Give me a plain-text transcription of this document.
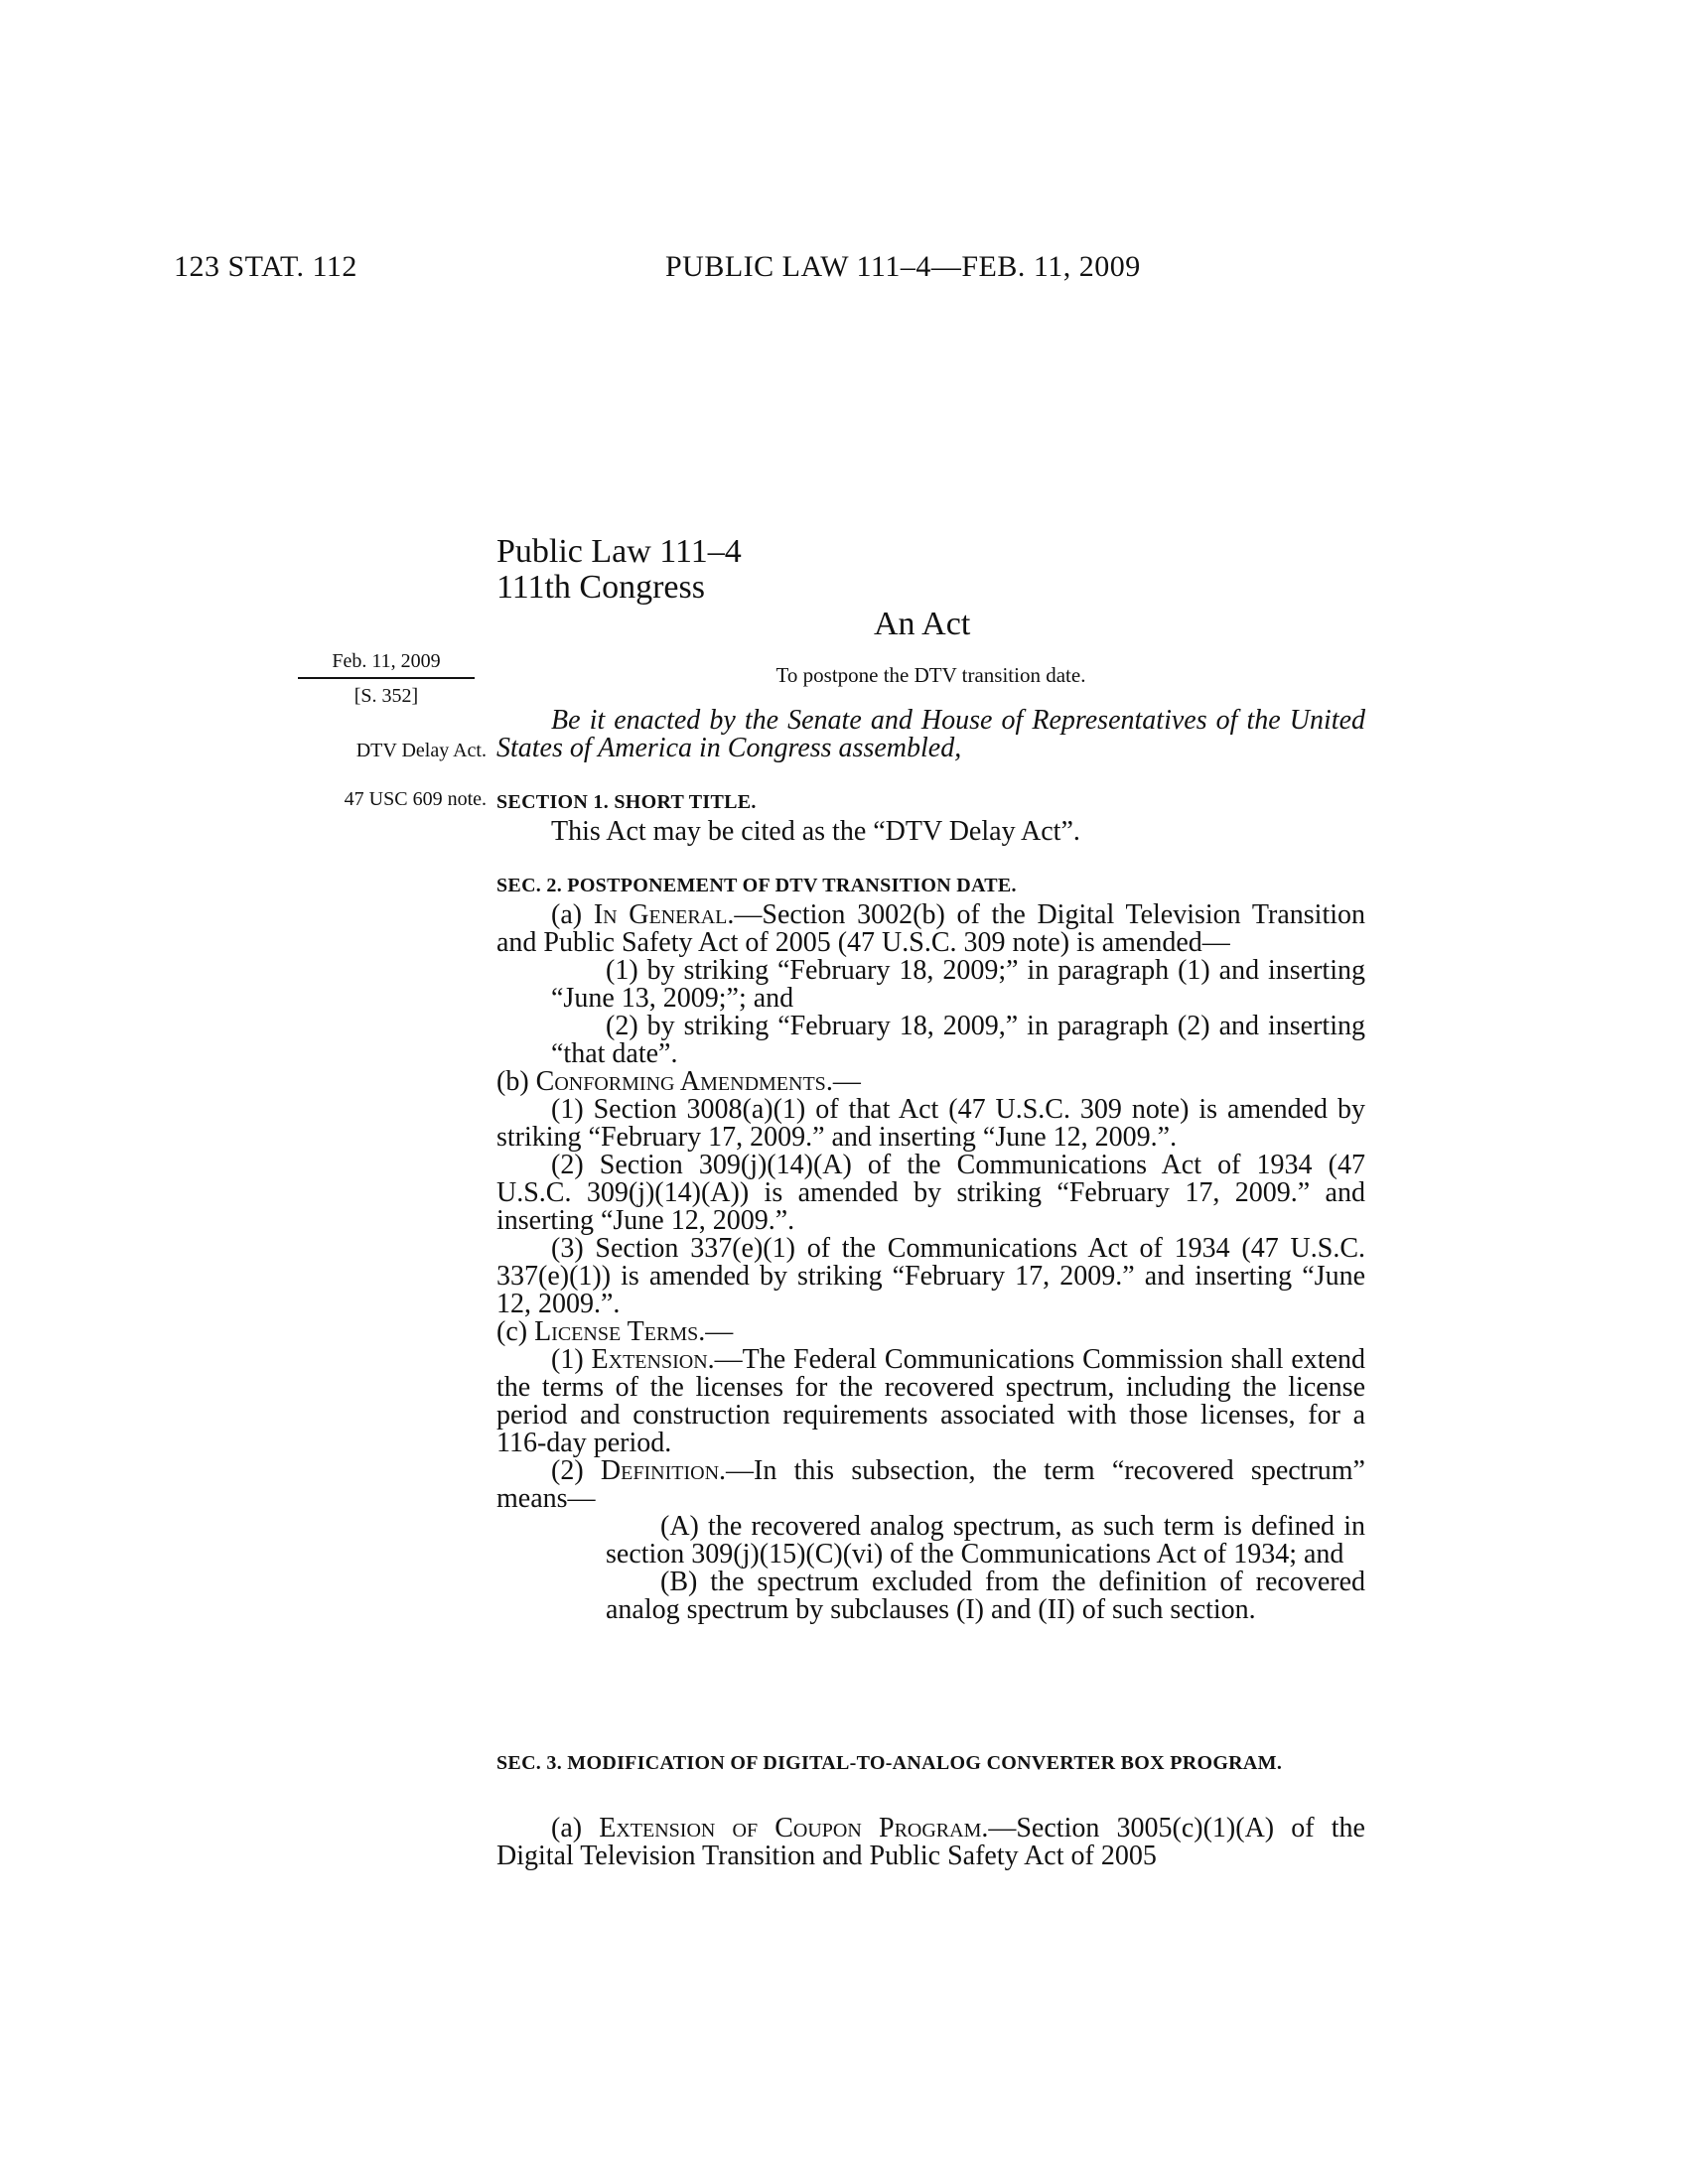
123 STAT. 112	PUBLIC LAW 111–4—FEB. 11, 2009
Public Law 111–4
111th Congress
An Act
Feb. 11, 2009
[S. 352]
To postpone the DTV transition date.
Be it enacted by the Senate and House of Representatives of the United States of America in Congress assembled,
DTV Delay Act.
47 USC 609 note. SECTION 1. SHORT TITLE.
This Act may be cited as the “DTV Delay Act”.
SEC. 2. POSTPONEMENT OF DTV TRANSITION DATE.

(a) In General.—Section 3002(b) of the Digital Television Transition and Public Safety Act of 2005 (47 U.S.C. 309 note) is amended—

(1) by striking “February 18, 2009;” in paragraph (1) and inserting “June 13, 2009;”; and

(2) by striking “February 18, 2009,” in paragraph (2) and inserting “that date”.

(b) Conforming Amendments.—

(1) Section 3008(a)(1) of that Act (47 U.S.C. 309 note) is amended by striking “February 17, 2009.” and inserting “June 12, 2009.”.

(2) Section 309(j)(14)(A) of the Communications Act of 1934 (47 U.S.C. 309(j)(14)(A)) is amended by striking “February 17, 2009.” and inserting “June 12, 2009.”.

(3) Section 337(e)(1) of the Communications Act of 1934 (47 U.S.C. 337(e)(1)) is amended by striking “February 17, 2009.” and inserting “June 12, 2009.”.

(c) License Terms.—

(1) Extension.—The Federal Communications Commission shall extend the terms of the licenses for the recovered spectrum, including the license period and construction requirements associated with those licenses, for a 116-day period.

(2) Definition.—In this subsection, the term “recovered spectrum” means—

(A) the recovered analog spectrum, as such term is defined in section 309(j)(15)(C)(vi) of the Communications Act of 1934; and

(B) the spectrum excluded from the definition of recovered analog spectrum by subclauses (I) and (II) of such section.

SEC. 3. MODIFICATION OF DIGITAL-TO-ANALOG CONVERTER BOX PROGRAM.
(a) Extension of Coupon Program.—Section 3005(c)(1)(A) of the Digital Television Transition and Public Safety Act of 2005
